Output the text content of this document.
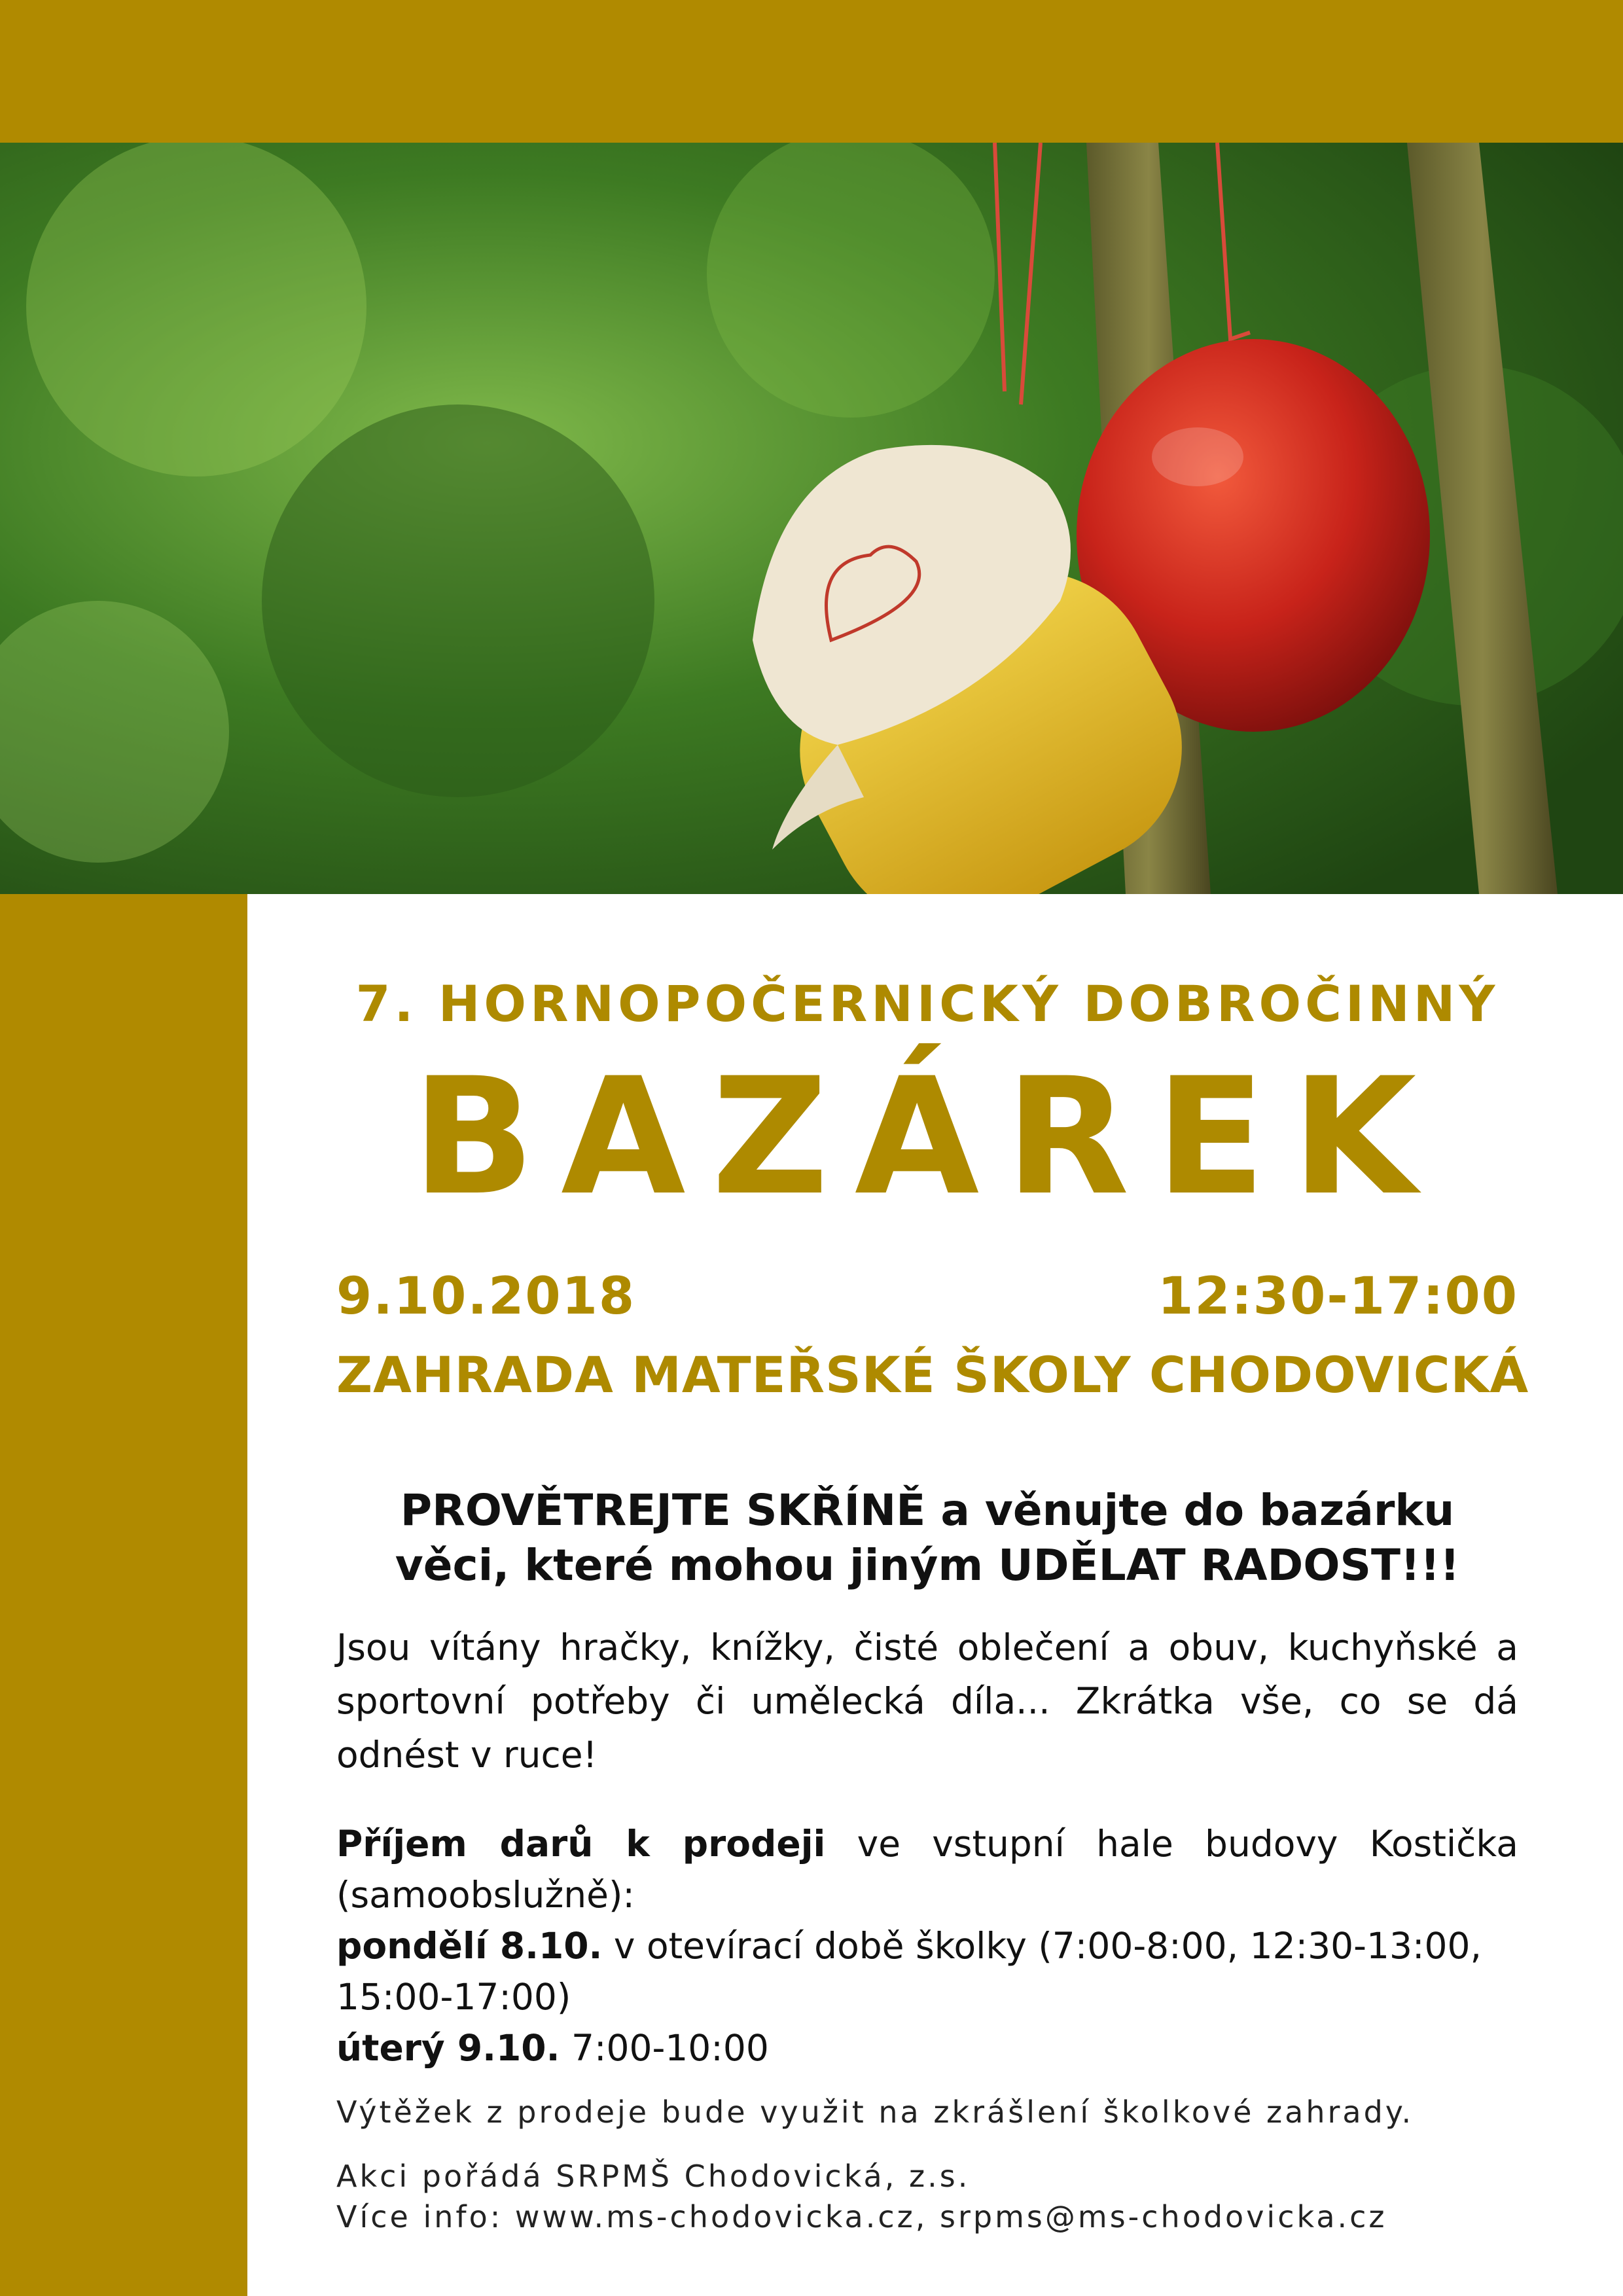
7. HORNOPOČERNICKÝ DOBROČINNÝ
BAZÁREK
9.10.2018	12:30-17:00
ZAHRADA MATEŘSKÉ ŠKOLY CHODOVICKÁ
PROVĚTREJTE SKŘÍNĚ a věnujte do bazárku
věci, které mohou jiným UDĚLAT RADOST!!!
Jsou vítány hračky, knížky, čisté oblečení a obuv, kuchyňské a sportovní potřeby či umělecká díla... Zkrátka vše, co se dá odnést v ruce!
Příjem darů k prodeji ve vstupní hale budovy Kostička
(samoobslužně):
pondělí 8.10. v otevírací době školky (7:00-8:00, 12:30-13:00,
15:00-17:00)
úterý 9.10. 7:00-10:00
Výtěžek z prodeje bude využit na zkrášlení školkové zahrady.
Akci pořádá SRPMŠ Chodovická, z.s.
Více info: www.ms-chodovicka.cz, srpms@ms-chodovicka.cz
